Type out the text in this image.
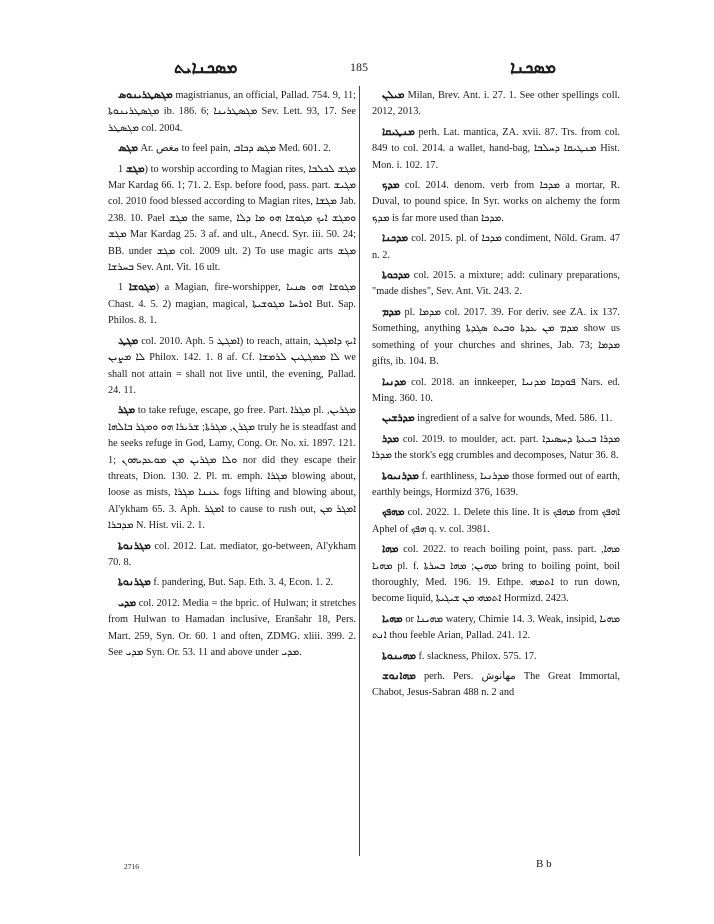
ܡܣܟܢܐܝܬ	185	ܡܣܟܢܐ

ܡܓܣܛܪܝܢܘܣ magistrianus, an official, Pallad. 754. 9, 11; ܡܓܣܛܪܝܢܘܬܐ ib. 186. 6; ܡܓܣܛܪܝܢܐ Sev. Lett. 93, 17. See ܡܓܣܛܪ col. 2004.

ܡܓܣ Ar. مغص to feel pain, ܡܓܣ ܕܟܐܒ Med. 601. 2.

ܡܓܫ 1) to worship according to Magian rites, ܡܓܫ ܠܟܠܒܐ Mar Kardag 66. 1; 71. 2. Esp. before food, pass. part. ܡܓܝܫ col. 2010 food blessed according to Magian rites, ܡܓܫܐ Jab. 238. 10. Pael ܡܓܫ the same, ܘܡܓܫ ܐܝܟ ܡܓܘܫܐ ܗܘ ܡܐ ܕܠܐ ܡܓܫ Mar Kardag 25. 3 af. and ult., Anecd. Syr. iii. 50. 24; BB. under ܡܓܫ col. 2009 ult. 2) To use magic arts ܡܓܫ ܒܚܪܫܐ Sev. Ant. Vit. 16 ult.

ܡܓܘܫܐ 1) a Magian, fire-worshipper, ܡܓܘܫܐ ܗܘ ܣܢܝܐ Chast. 4. 5. 2) magian, magical, ܐܘܪܚܐ ܡܓܘܫܝܬܐ But. Sap. Philos. 8. 1.

ܡܓܛ col. 2010. Aph. ܐܡܓܛ 5) to reach, attain, ܐܝܟ ܕܐܡܓܛ ܠܐ ܡܨܝܢ Philox. 142. 1. 8 af. Cf. ܠܐ ܡܡܓܛܝܢ ܠܪܡܫܐ we shall not attain = shall not live until, the evening, Pallad. 24. 11.

ܡܓܪ to take refuge, escape, go free. Part. ܡܓܪܐ pl. ܡܓܪܝܢ, ܡܓܪܢ, ܡܓܪܬܐ; ܫܪܝܪܐ ܗܘ ܘܡܓܪ ܒܐܠܗܐ truly he is steadfast and he seeks refuge in God, Lamy, Cong. Or. No. xi. 1897. 121. 1; ܘܠܐ ܡܓܪܝܢ ܡܢ ܡܘܥܕܝܗܘܢ nor did they escape their threats, Dion. 130. 2. Pl. m. emph. ܡܓܪܐ blowing about, loose as mists, ܥܢܢܐ ܡܓܪܐ fogs lifting and blowing about, Al'ykham 65. 3. Aph. ܐܡܓܪ to cause to rush out, ܐܡܓܪ ܡܢ ܡܕܒܪܐ N. Hist. vii. 2. 1.

ܡܓܪܢܘܬܐ col. 2012. Lat. mediator, go-between, Al'ykham 70. 8.

ܡܓܪܢܘܬܐ f. pandering, But. Sap. Eth. 3. 4, Econ. 1. 2.

ܡܕܝ col. 2012. Media = the bpric. of Hulwan; it stretches from Hulwan to Hamadan inclusive, Eranšahr 18, Pers. Mart. 259, Syn. Or. 60. 1 and often, ZDMG. xliii. 399. 2. See ܡܕܝ Syn. Or. 53. 11 and above under ܡܕܝ.

ܡܝܠܢ Milan, Brev. Ant. i. 27. 1. See other spellings coll. 2012, 2013.

ܡܢܛܝܩܐ perh. Lat. mantica, ZA. xvii. 87. Trs. from col. 849 to col. 2014. a wallet, hand-bag, ܡܢܛܝܩܐ ܕܚܠܒܐ Hist. Mon. i. 102. 17.

ܡܕܟ col. 2014. denom. verb from ܡܕܟܐ a mortar, R. Duval, to pound spice. In Syr. works on alchemy the form ܡܕܟ is far more used than ܡܕܟܐ.

ܡܕܟܢܐ col. 2015. pl. of ܡܕܟܐ condiment, Nöld. Gram. 47 n. 2.

ܡܕܟܘܬܐ col. 2015. a mixture; add: culinary preparations, "made dishes", Sev. Ant. Vit. 243. 2.

ܡܕܡ pl. ܡܕܡܐ col. 2017. 39. For deriv. see ZA. ix 137. Something, anything ܡܕܡ ܡܢ ܥܕܬܐ ܘܒܝܬ ܣܓܕܬܐ show us something of your churches and shrines, Jab. 73; ܡܕܡܐ gifts, ib. 104. B.

ܡܕܢܝܐ col. 2018. an innkeeper, ܦܘܕܩܐ ܡܕܢܝܐ Nars. ed. Ming. 360. 10.

ܡܕܪܫܝܢ ingredient of a salve for wounds, Med. 586. 11.

ܡܕܪ col. 2019. to moulder, act. part. ܡܕܪܐ ܒܝܥܬܐ ܕܚܣܝܕܐ ܡܕܪܐ the stork's egg crumbles and decomposes, Natur 36. 8.

ܡܕܪܢܝܘܬܐ f. earthliness, ܡܕܪܢܝܐ those formed out of earth, earthly beings, Hormizd 376, 1639.

ܡܗܦܟ col. 2022. 1. Delete this line. It is ܡܗܦܟ from ܐܗܦܟ Aphel of ܗܦܟ q. v. col. 3981.

ܡܗܐ col. 2022. to reach boiling point, pass. part. ܡܗܐ, ܡܗܝܐ pl. f. ܡܗܝܢ; ܡܗܐ ܒܚܪܬܐ bring to boiling point, boil thoroughly, Med. 196. 19. Ethpe. ܐܬܡܗܝ to run down, become liquid, ܐܬܡܗܝ ܡܢ ܫܝܓܝܬܐ Hormizd. 2423.

ܡܗܝܐ or ܡܗܝܢܐ watery, Chimie 14. 3. Weak, insipid, ܡܗܝܐ ܐܢܬ thou feeble Arian, Pallad. 241. 12.

ܡܗܝܢܘܬܐ f. slackness, Philox. 575. 17.

ܡܗܐܢܘܫ perh. Pers. مهانوش The Great Immortal, Chabot, Jesus-Sabran 488 n. 2 and

2716	B b
